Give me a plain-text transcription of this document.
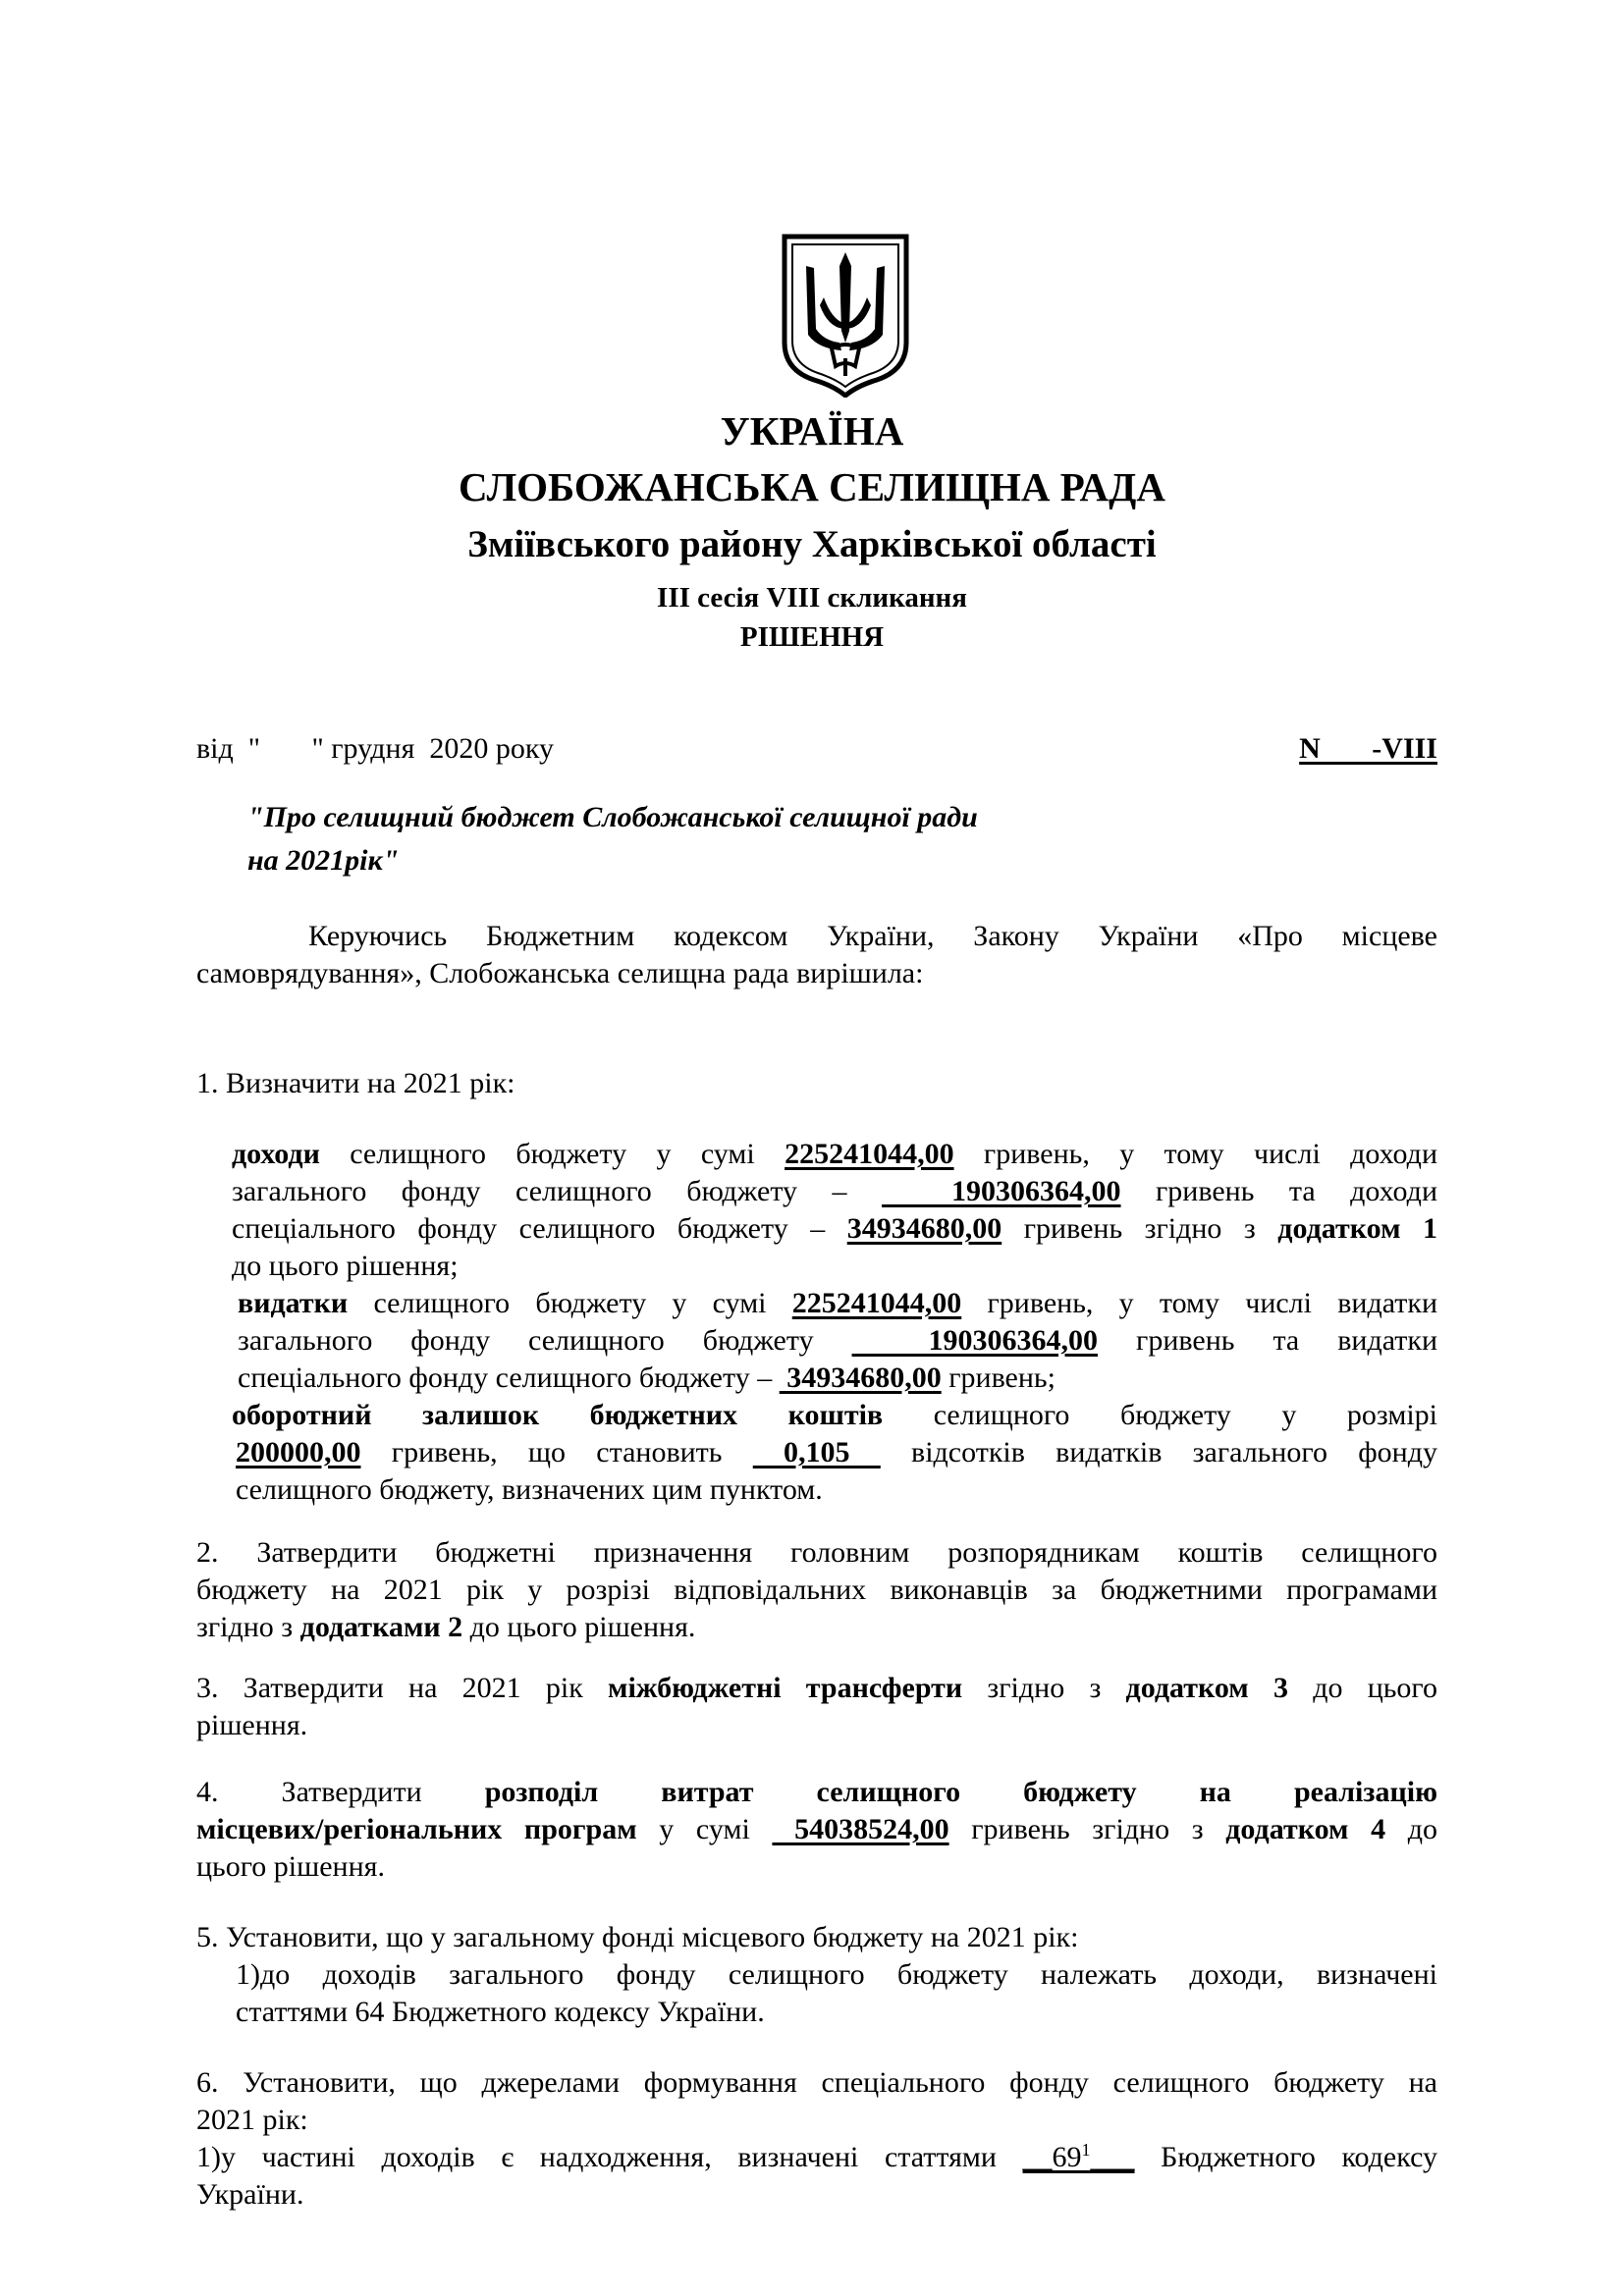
УКРАЇНА
СЛОБОЖАНСЬКА СЕЛИЩНА РАДА
Зміївського району Харківської області
ІІІ сесія VІІІ скликання
РІШЕННЯ
від  "       " грудня  2020 року	N       -VІІІ
"Про селищний бюджет Слобожанської селищної ради
на 2021рік"
Керуючись Бюджетним кодексом України, Закону України «Про місцеве
самоврядування», Слобожанська селищна рада вирішила:
1. Визначити на 2021 рік:
доходи селищного бюджету у сумі 225241044,00 гривень, у тому числі доходи
загального фонду селищного бюджету –   190306364,00 гривень та доходи
спеціального фонду селищного бюджету – 34934680,00 гривень згідно з додатком 1
до цього рішення;
видатки селищного бюджету у сумі 225241044,00 гривень, у тому числі видатки
загального фонду селищного бюджету   190306364,00 гривень та видатки
спеціального фонду селищного бюджету –  34934680,00 гривень;
оборотний залишок бюджетних коштів селищного бюджету у розмірі
200000,00 гривень, що становить  0,105  відсотків видатків загального фонду
селищного бюджету, визначених цим пунктом.
2. Затвердити бюджетні призначення головним розпорядникам коштів селищного
бюджету на 2021 рік у розрізі відповідальних виконавців за бюджетними програмами
згідно з додатками 2 до цього рішення.
3. Затвердити на 2021 рік міжбюджетні трансферти згідно з додатком 3 до цього
рішення.
4. Затвердити розподіл витрат селищного бюджету на реалізацію
місцевих/регіональних програм у сумі  54038524,00 гривень згідно з додатком 4 до
цього рішення.
5. Установити, що у загальному фонді місцевого бюджету на 2021 рік:
1)до доходів загального фонду селищного бюджету належать доходи, визначені
статтями 64 Бюджетного кодексу України.
6. Установити, що джерелами формування спеціального фонду селищного бюджету на
2021 рік:
1)у частині доходів є надходження, визначені статтями $\_\_69^1\_\_\_$ Бюджетного кодексу
України.
